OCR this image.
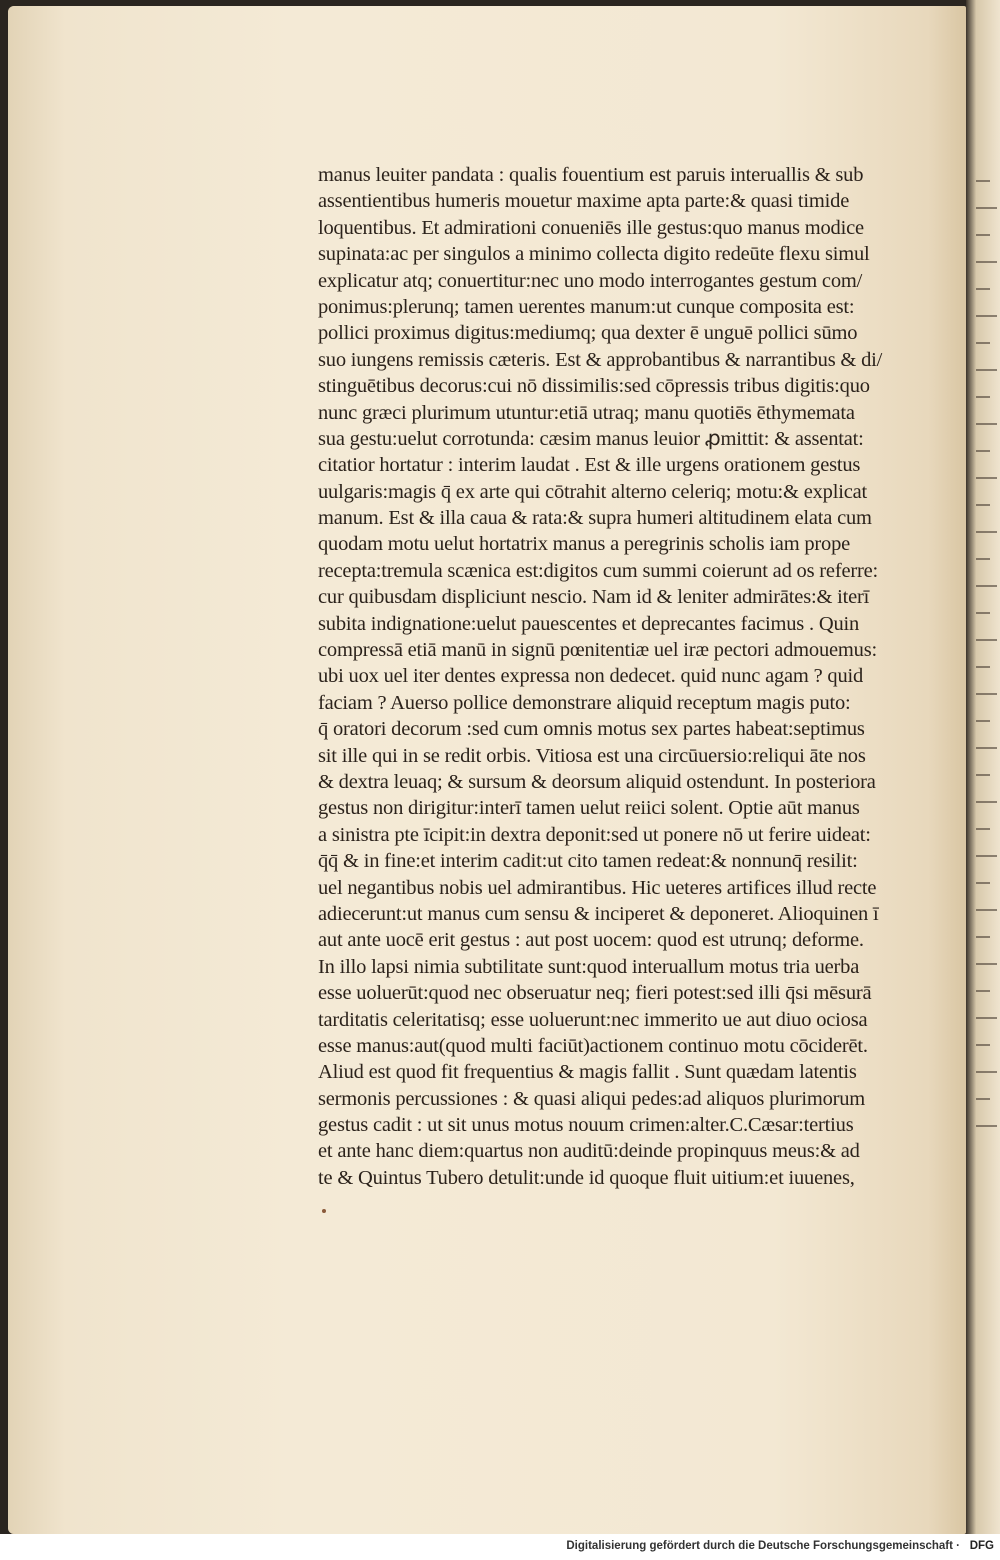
manus leuiter pandata : qualis fouentium est paruis interuallis & sub
assentientibus humeris mouetur maxime apta parte:& quasi timide
loquentibus. Et admirationi conueniēs ille gestus:quo manus modice
supinata:ac per singulos a minimo collecta digito redeūte flexu simul
explicatur atq; conuertitur:nec uno modo interrogantes gestum com/
ponimus:plerunq; tamen uerentes manum:ut cunque composita est:
pollici proximus digitus:mediumq; qua dexter ē unguē pollici sūmo
suo iungens remissis cæteris. Est & approbantibus & narrantibus & di/
stinguētibus decorus:cui nō dissimilis:sed cōpressis tribus digitis:quo
nunc græci plurimum utuntur:etiā utraq; manu quotiēs ēthymemata
sua gestu:uelut corrotunda: cæsim manus leuior ꝓmittit: & assentat:
citatior hortatur : interim laudat . Est & ille urgens orationem gestus
uulgaris:magis q̄ ex arte qui cōtrahit alterno celeriq; motu:& explicat
manum. Est & illa caua & rata:& supra humeri altitudinem elata cum
quodam motu uelut hortatrix manus a peregrinis scholis iam prope
recepta:tremula scænica est:digitos cum summi coierunt ad os referre:
cur quibusdam displiciunt nescio. Nam id & leniter admirātes:& iterī
subita indignatione:uelut pauescentes et deprecantes facimus . Quin
compressā etiā manū in signū pœnitentiæ uel iræ pectori admouemus:
ubi uox uel iter dentes expressa non dedecet. quid nunc agam ? quid
faciam ? Auerso pollice demonstrare aliquid receptum magis puto:
q̄ oratori decorum :sed cum omnis motus sex partes habeat:septimus
sit ille qui in se redit orbis. Vitiosa est una circūuersio:reliqui āte nos
& dextra leuaq; & sursum & deorsum aliquid ostendunt. In posteriora
gestus non dirigitur:interī tamen uelut reiici solent. Optie aūt manus
a sinistra pte īcipit:in dextra deponit:sed ut ponere nō ut ferire uideat:
q̄q̄ & in fine:et interim cadit:ut cito tamen redeat:& nonnunq̄ resilit:
uel negantibus nobis uel admirantibus. Hic ueteres artifices illud recte
adiecerunt:ut manus cum sensu & inciperet & deponeret. Alioquinen ī
aut ante uocē erit gestus : aut post uocem: quod est utrunq; deforme.
In illo lapsi nimia subtilitate sunt:quod interuallum motus tria uerba
esse uoluerūt:quod nec obseruatur neq; fieri potest:sed illi q̄si mēsurā
tarditatis celeritatisq; esse uoluerunt:nec immerito ue aut diuo ociosa
esse manus:aut(quod multi faciūt)actionem continuo motu cōciderēt.
Aliud est quod fit frequentius & magis fallit . Sunt quædam latentis
sermonis percussiones : & quasi aliqui pedes:ad aliquos plurimorum
gestus cadit : ut sit unus motus nouum crimen:alter.C.Cæsar:tertius
et ante hanc diem:quartus non auditū:deinde propinquus meus:& ad
te & Quintus Tubero detulit:unde id quoque fluit uitium:et iuuenes,
Digitalisierung gefördert durch die Deutsche Forschungsgemeinschaft · DFG
